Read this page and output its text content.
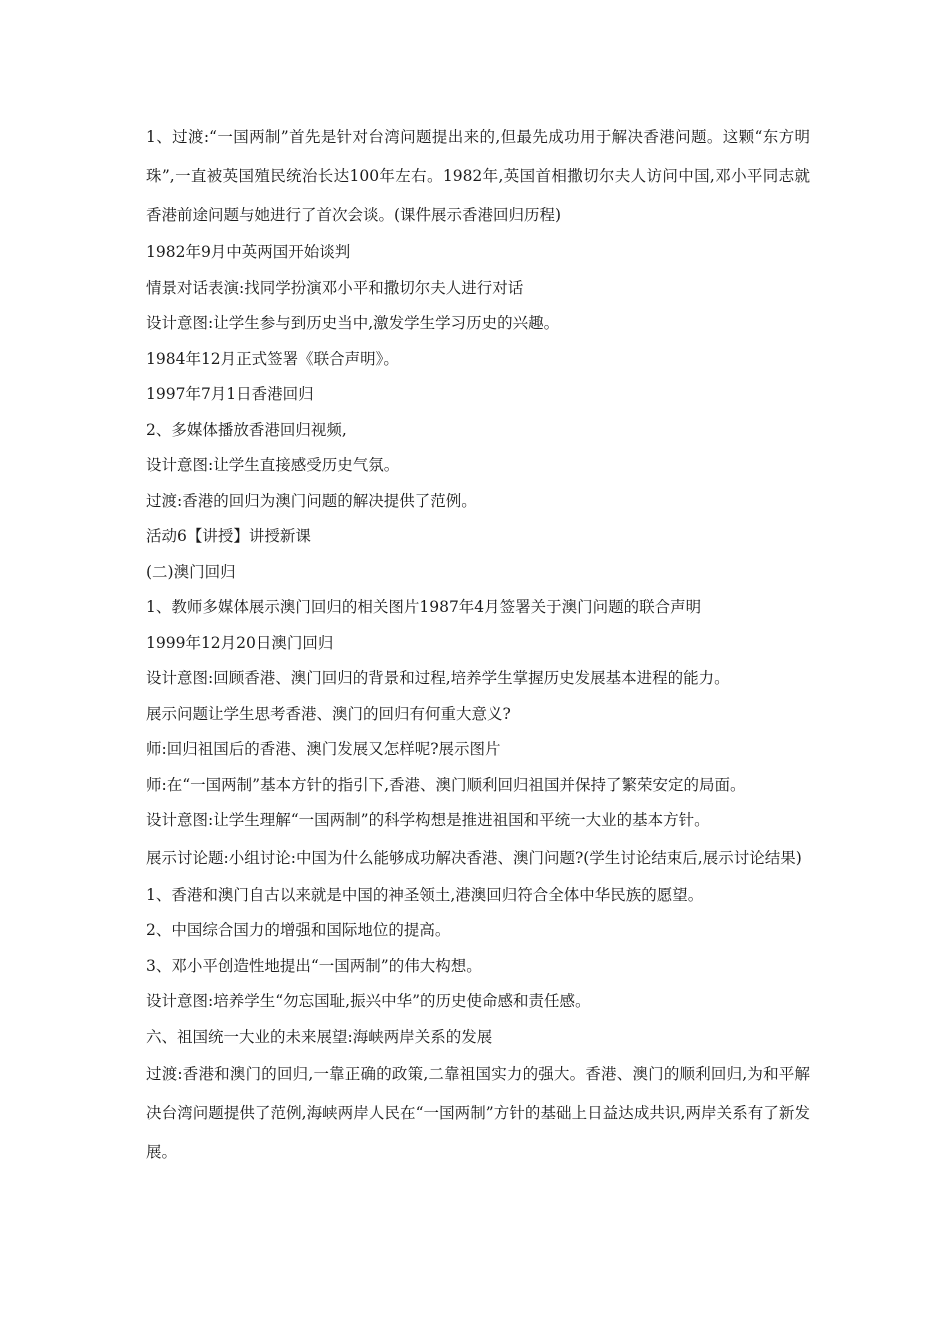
1、过渡:“一国两制”首先是针对台湾问题提出来的,但最先成功用于解决香港问题。这颗“东方明珠”,一直被英国殖民统治长达100年左右。1982年,英国首相撒切尔夫人访问中国,邓小平同志就香港前途问题与她进行了首次会谈。(课件展示香港回归历程)

1982年9月中英两国开始谈判

情景对话表演:找同学扮演邓小平和撒切尔夫人进行对话

设计意图:让学生参与到历史当中,激发学生学习历史的兴趣。

1984年12月正式签署《联合声明》。

1997年7月1日香港回归

2、多媒体播放香港回归视频,

设计意图:让学生直接感受历史气氛。

过渡:香港的回归为澳门问题的解决提供了范例。

活动6【讲授】讲授新课

(二)澳门回归

1、教师多媒体展示澳门回归的相关图片1987年4月签署关于澳门问题的联合声明

1999年12月20日澳门回归

设计意图:回顾香港、澳门回归的背景和过程,培养学生掌握历史发展基本进程的能力。

展示问题让学生思考香港、澳门的回归有何重大意义?

师:回归祖国后的香港、澳门发展又怎样呢?展示图片

师:在“一国两制”基本方针的指引下,香港、澳门顺利回归祖国并保持了繁荣安定的局面。

设计意图:让学生理解“一国两制”的科学构想是推进祖国和平统一大业的基本方针。

展示讨论题:小组讨论:中国为什么能够成功解决香港、澳门问题?(学生讨论结束后,展示讨论结果)

1、香港和澳门自古以来就是中国的神圣领土,港澳回归符合全体中华民族的愿望。

2、中国综合国力的增强和国际地位的提高。

3、邓小平创造性地提出“一国两制”的伟大构想。

设计意图:培养学生“勿忘国耻,振兴中华”的历史使命感和责任感。

六、祖国统一大业的未来展望:海峡两岸关系的发展

过渡:香港和澳门的回归,一靠正确的政策,二靠祖国实力的强大。香港、澳门的顺利回归,为和平解决台湾问题提供了范例,海峡两岸人民在“一国两制”方针的基础上日益达成共识,两岸关系有了新发展。
